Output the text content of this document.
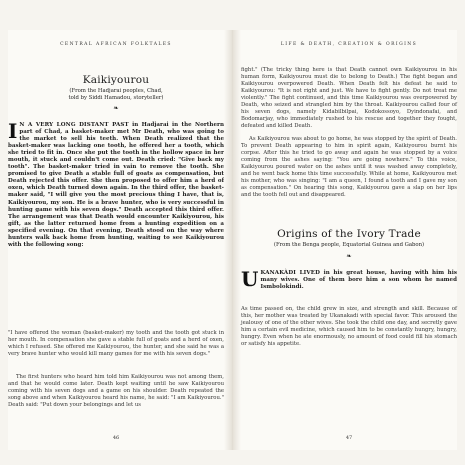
CENTRAL AFRICAN FOLKTALES
Kaikiyourou
(From the Hadjarai peoples, Chad,
told by Siddi Hamadou, storyteller)
❧

I N A VERY LONG DISTANT PAST in Hadjarai in the Northern part of Chad, a basket-maker met Mr Death, who was going to the market to sell his teeth. When Death realized that the basket-maker was lacking one tooth, he offered her a tooth, which she tried to fit in. Once she put the tooth in the hollow space in her mouth, it stuck and couldn't come out. Death cried: "Give back my tooth". The basket-maker tried in vain to remove the tooth. She promised to give Death a stable full of goats as compensation, but Death rejected this offer. She then proposed to offer him a herd of oxen, which Death turned down again. In the third offer, the basket-maker said, "I will give you the most precious thing I have, that is, Kaikiyourou, my son. He is a brave hunter, who is very successful in hunting game with his seven dogs." Death accepted this third offer. The arrangement was that Death would encounter Kaikiyourou, his gift, as the latter returned home from a hunting expedition on a specified evening. On that evening, Death stood on the way where hunters walk back home from hunting, waiting to see Kaikiyourou with the following song:

"I have offered the woman (basket-maker) my tooth and the tooth got stuck in her mouth. In compensation she gave a stable full of goats and a herd of oxen, which I refused. She offered me Kaikiyourou, the hunter, and she said he was a very brave hunter who would kill many games for me with his seven dogs."

The first hunters who heard him told him Kaikiyourou was not among them, and that he would come later. Death kept waiting until he saw Kaikiyourou coming with his seven dogs and a game on his shoulder. Death repeated the song above and when Kaikiyourou heard his name, he said: "I am Kaikiyourou." Death said: "Put down your belongings and let us

46
LIFE & DEATH, CREATION & ORIGINS

fight." (The tricky thing here is that Death cannot own Kaikiyourou in his human form, Kaikiyourou must die to belong to Death.) The fight began and Kaikiyourou overpowered Death. When Death felt his defeat he said to Kaikiyourou: "It is not right and just. We have to fight gently. Do not treat me violently." The fight continued, and this time Kaikiyourou was overpowered by Death, who seized and strangled him by the throat. Kaikiyourou called four of his seven dogs, namely Kidabilbilpai, Kodokossoyo, Dyindonafai, and Bodomarjay, who immediately rushed to his rescue and together they fought, defeated and killed Death.

As Kaikiyourou was about to go home, he was stopped by the spirit of Death. To prevent Death appearing to him in spirit again, Kaikiyourou burnt his corpse. After this he tried to go away and again he was stopped by a voice coming from the ashes saying: "You are going nowhere." To this voice, Kaikiyourou poured water on the ashes until it was washed away completely, and he went back home this time successfully. While at home, Kaikiyourou met his mother, who was singing: "I am a queen, I found a tooth and I gave my son as compensation." On hearing this song, Kaikiyourou gave a slap on her lips and the tooth fell out and disappeared.

Origins of the Ivory Trade
(From the Benga people, Equatorial Guinea and Gabon)
❧

UKANAKÀDI LIVED in his great house, having with him his many wives. One of them bore him a son whom he named Ismbolokindi.

As time passed on, the child grew in size, and strength and skill. Because of this, her mother was treated by Ukanakadi with special favor. This aroused the jealousy of one of the other wives. She took the child one day, and secretly gave him a certain evil medicine, which caused him to be constantly hungry, hungry, hungry. Even when he ate enormously, no amount of food could fill his stomach or satisfy his appetite.

47
